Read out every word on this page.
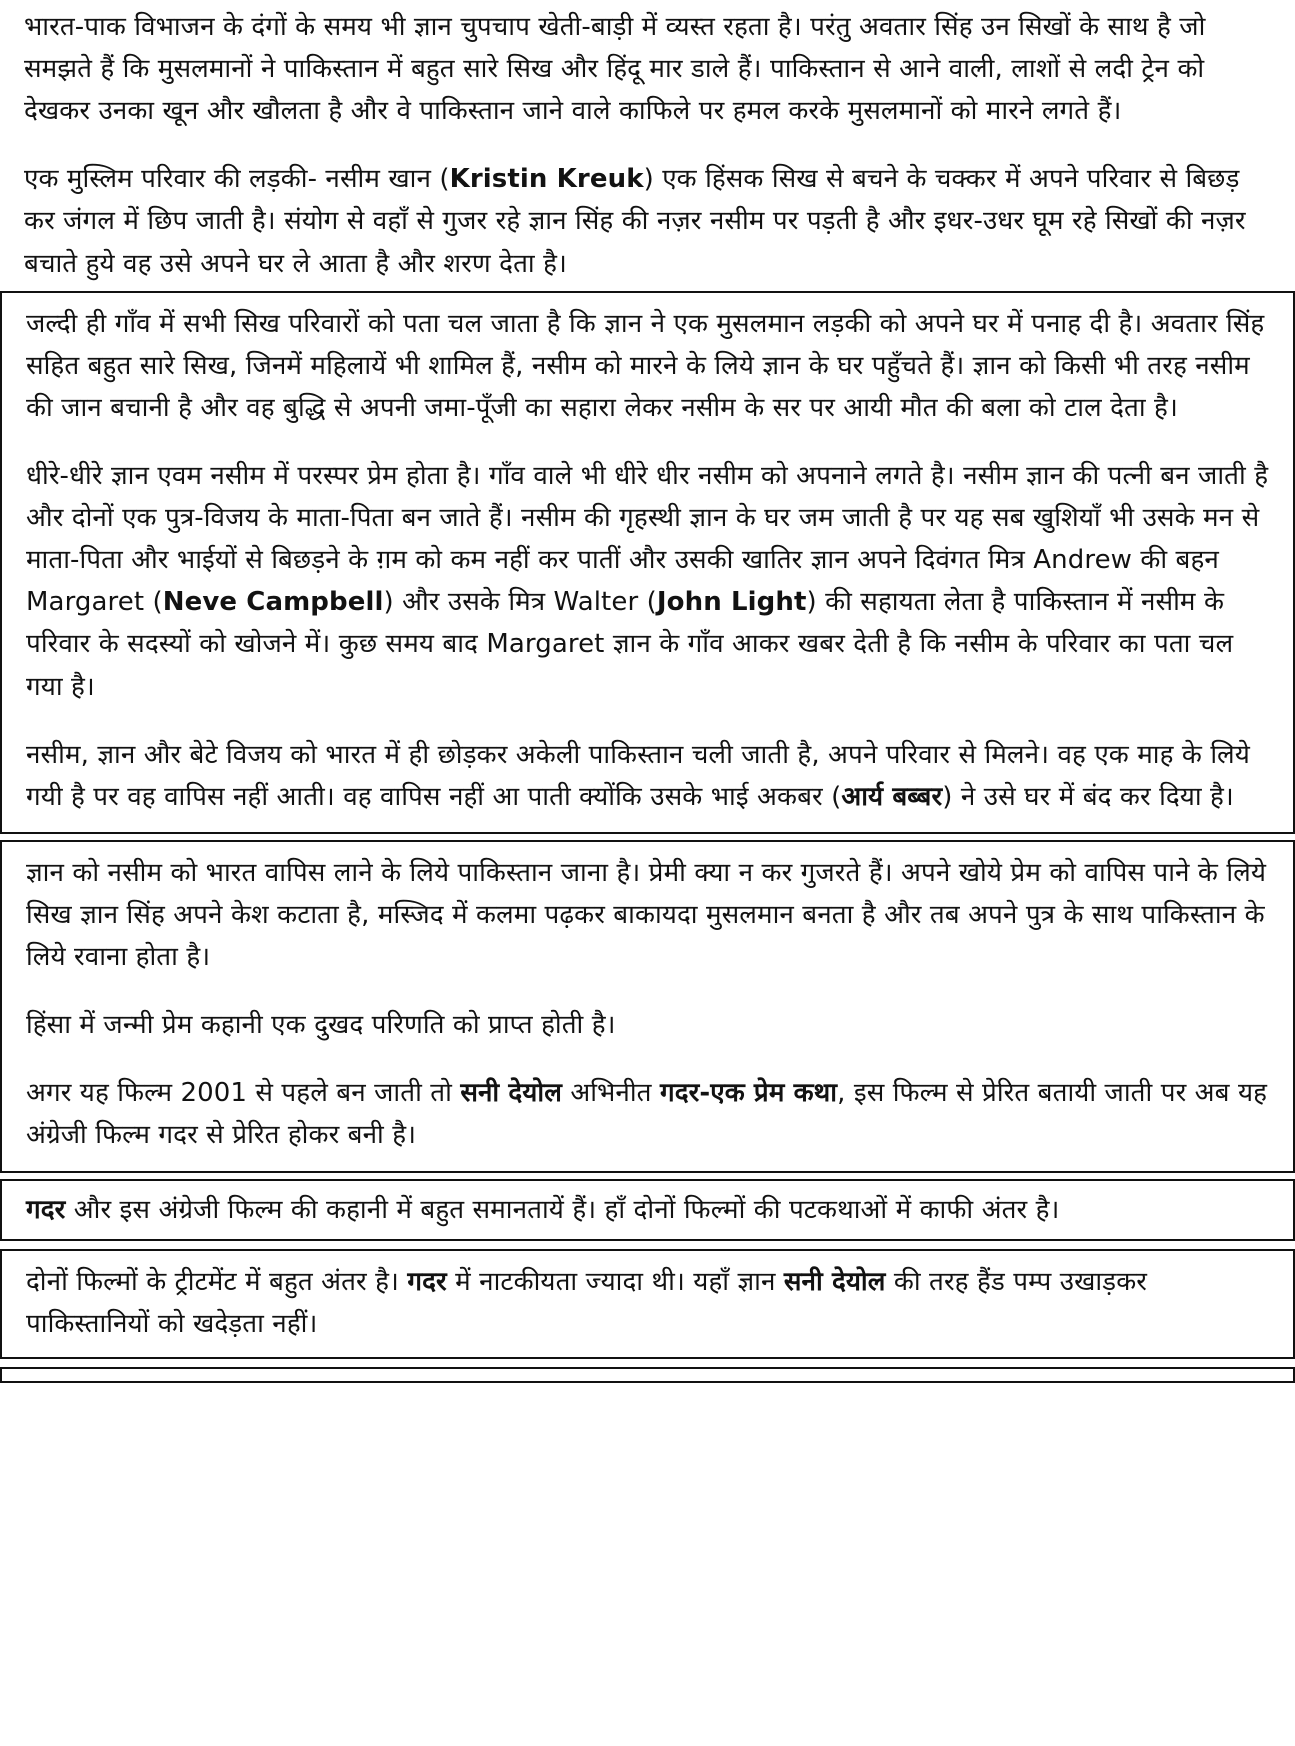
भारत-पाक विभाजन के दंगों के समय भी ज्ञान चुपचाप खेती-बाड़ी में व्यस्त रहता है। परंतु अवतार सिंह उन सिखों के साथ है जो समझते हैं कि मुसलमानों ने पाकिस्तान में बहुत सारे सिख और हिंदू मार डाले हैं। पाकिस्तान से आने वाली, लाशों से लदी ट्रेन को देखकर उनका खून और खौलता है और वे पाकिस्तान जाने वाले काफिले पर हमल करके मुसलमानों को मारने लगते हैं।

एक मुस्लिम परिवार की लड़की- नसीम खान (Kristin Kreuk) एक हिंसक सिख से बचने के चक्कर में अपने परिवार से बिछड़ कर जंगल में छिप जाती है। संयोग से वहाँ से गुजर रहे ज्ञान सिंह की नज़र नसीम पर पड़ती है और इधर-उधर घूम रहे सिखों की नज़र बचाते हुये वह उसे अपने घर ले आता है और शरण देता है।

जल्दी ही गाँव में सभी सिख परिवारों को पता चल जाता है कि ज्ञान ने एक मुसलमान लड़की को अपने घर में पनाह दी है। अवतार सिंह सहित बहुत सारे सिख, जिनमें महिलायें भी शामिल हैं, नसीम को मारने के लिये ज्ञान के घर पहुँचते हैं। ज्ञान को किसी भी तरह नसीम की जान बचानी है और वह बुद्धि से अपनी जमा-पूँजी का सहारा लेकर नसीम के सर पर आयी मौत की बला को टाल देता है।

धीरे-धीरे ज्ञान एवम नसीम में परस्पर प्रेम होता है। गाँव वाले भी धीरे धीर नसीम को अपनाने लगते है। नसीम ज्ञान की पत्नी बन जाती है और दोनों एक पुत्र-विजय के माता-पिता बन जाते हैं। नसीम की गृहस्थी ज्ञान के घर जम जाती है पर यह सब खुशियाँ भी उसके मन से माता-पिता और भाईयों से बिछड़ने के ग़म को कम नहीं कर पातीं और उसकी खातिर ज्ञान अपने दिवंगत मित्र Andrew की बहन Margaret (Neve Campbell) और उसके मित्र Walter (John Light) की सहायता लेता है पाकिस्तान में नसीम के परिवार के सदस्यों को खोजने में। कुछ समय बाद Margaret ज्ञान के गाँव आकर खबर देती है कि नसीम के परिवार का पता चल गया है।

नसीम, ज्ञान और बेटे विजय को भारत में ही छोड़कर अकेली पाकिस्तान चली जाती है, अपने परिवार से मिलने। वह एक माह के लिये गयी है पर वह वापिस नहीं आती। वह वापिस नहीं आ पाती क्योंकि उसके भाई अकबर (आर्य बब्बर) ने उसे घर में बंद कर दिया है।

ज्ञान को नसीम को भारत वापिस लाने के लिये पाकिस्तान जाना है। प्रेमी क्या न कर गुजरते हैं। अपने खोये प्रेम को वापिस पाने के लिये सिख ज्ञान सिंह अपने केश कटाता है, मस्जिद में कलमा पढ़कर बाकायदा मुसलमान बनता है और तब अपने पुत्र के साथ पाकिस्तान के लिये रवाना होता है।

हिंसा में जन्मी प्रेम कहानी एक दुखद परिणति को प्राप्त होती है।

अगर यह फिल्म 2001 से पहले बन जाती तो सनी देयोल अभिनीत गदर-एक प्रेम कथा, इस फिल्म से प्रेरित बतायी जाती पर अब यह अंग्रेजी फिल्म गदर से प्रेरित होकर बनी है।

गदर और इस अंग्रेजी फिल्म की कहानी में बहुत समानतायें हैं। हाँ दोनों फिल्मों की पटकथाओं में काफी अंतर है।

दोनों फिल्मों के ट्रीटमेंट में बहुत अंतर है। गदर में नाटकीयता ज्यादा थी। यहाँ ज्ञान सनी देयोल की तरह हैंड पम्प उखाड़कर पाकिस्तानियों को खदेड़ता नहीं।
